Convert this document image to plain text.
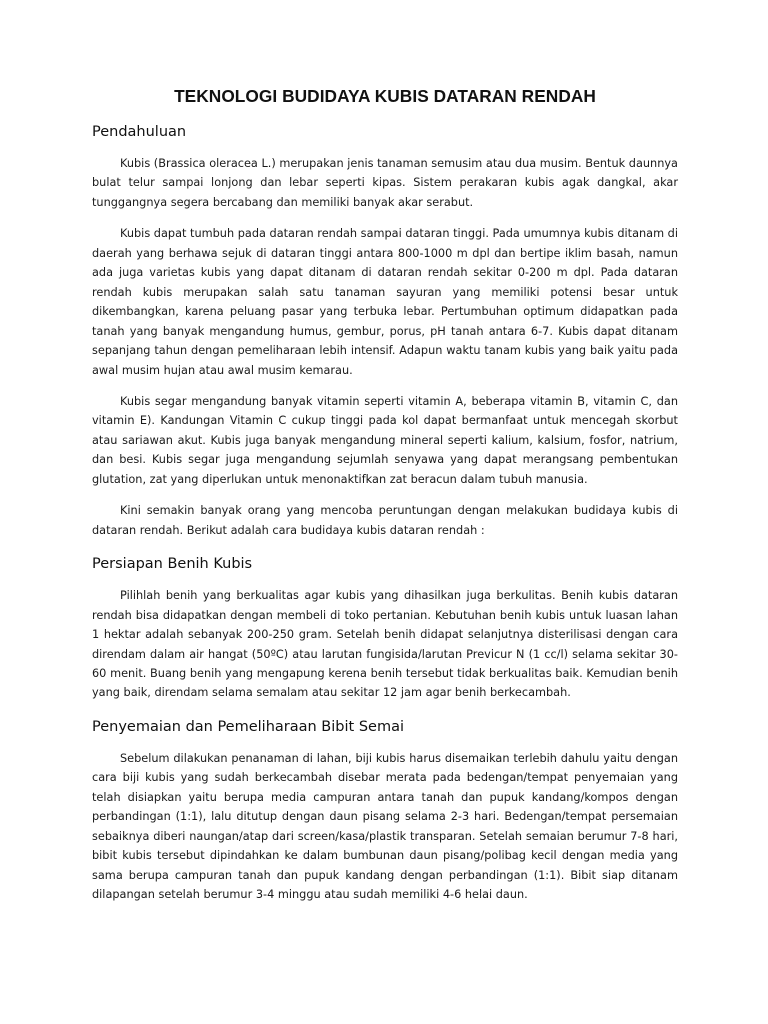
TEKNOLOGI BUDIDAYA KUBIS DATARAN RENDAH
Pendahuluan

Kubis (Brassica oleracea L.) merupakan jenis tanaman semusim atau dua musim. Bentuk daunnya bulat telur sampai lonjong dan lebar seperti kipas. Sistem perakaran kubis agak dangkal, akar tunggangnya segera bercabang dan memiliki banyak akar serabut.

Kubis dapat tumbuh pada dataran rendah sampai dataran tinggi. Pada umumnya kubis ditanam di daerah yang berhawa sejuk di dataran tinggi antara 800-1000 m dpl dan bertipe iklim basah, namun ada juga varietas kubis yang dapat ditanam di dataran rendah sekitar 0-200 m dpl. Pada dataran rendah kubis merupakan salah satu tanaman sayuran yang memiliki potensi besar untuk dikembangkan, karena peluang pasar yang terbuka lebar. Pertumbuhan optimum didapatkan pada tanah yang banyak mengandung humus, gembur, porus, pH tanah antara 6-7. Kubis dapat ditanam sepanjang tahun dengan pemeliharaan lebih intensif. Adapun waktu tanam kubis yang baik yaitu pada awal musim hujan atau awal musim kemarau.

Kubis segar mengandung banyak vitamin seperti vitamin A, beberapa vitamin B, vitamin C, dan vitamin E). Kandungan Vitamin C cukup tinggi pada kol dapat bermanfaat untuk mencegah skorbut atau sariawan akut. Kubis juga banyak mengandung mineral seperti kalium, kalsium, fosfor, natrium, dan besi. Kubis segar juga mengandung sejumlah senyawa yang dapat merangsang pembentukan glutation, zat yang diperlukan untuk menonaktifkan zat beracun dalam tubuh manusia.

Kini semakin banyak orang yang mencoba peruntungan dengan melakukan budidaya kubis di dataran rendah. Berikut adalah cara budidaya kubis dataran rendah :

Persiapan Benih Kubis

Pilihlah benih yang berkualitas agar kubis yang dihasilkan juga berkulitas. Benih kubis dataran rendah bisa didapatkan dengan membeli di toko pertanian. Kebutuhan benih kubis untuk luasan lahan 1 hektar adalah sebanyak 200-250 gram. Setelah benih didapat selanjutnya disterilisasi dengan cara direndam dalam air hangat (50ºC) atau larutan fungisida/larutan Previcur N (1 cc/l) selama sekitar 30-60 menit. Buang benih yang mengapung kerena benih tersebut tidak berkualitas baik. Kemudian benih yang baik, direndam selama semalam atau sekitar 12 jam agar benih berkecambah.

Penyemaian dan Pemeliharaan Bibit Semai

Sebelum dilakukan penanaman di lahan, biji kubis harus disemaikan terlebih dahulu yaitu dengan cara biji kubis yang sudah berkecambah disebar merata pada bedengan/tempat penyemaian yang telah disiapkan yaitu berupa media campuran antara tanah dan pupuk kandang/kompos dengan perbandingan (1:1), lalu ditutup dengan daun pisang selama 2-3 hari. Bedengan/tempat persemaian sebaiknya diberi naungan/atap dari screen/kasa/plastik transparan. Setelah semaian berumur 7-8 hari, bibit kubis tersebut dipindahkan ke dalam bumbunan daun pisang/polibag kecil dengan media yang sama berupa campuran tanah dan pupuk kandang dengan perbandingan (1:1). Bibit siap ditanam dilapangan setelah berumur 3-4 minggu atau sudah memiliki 4-6 helai daun.
